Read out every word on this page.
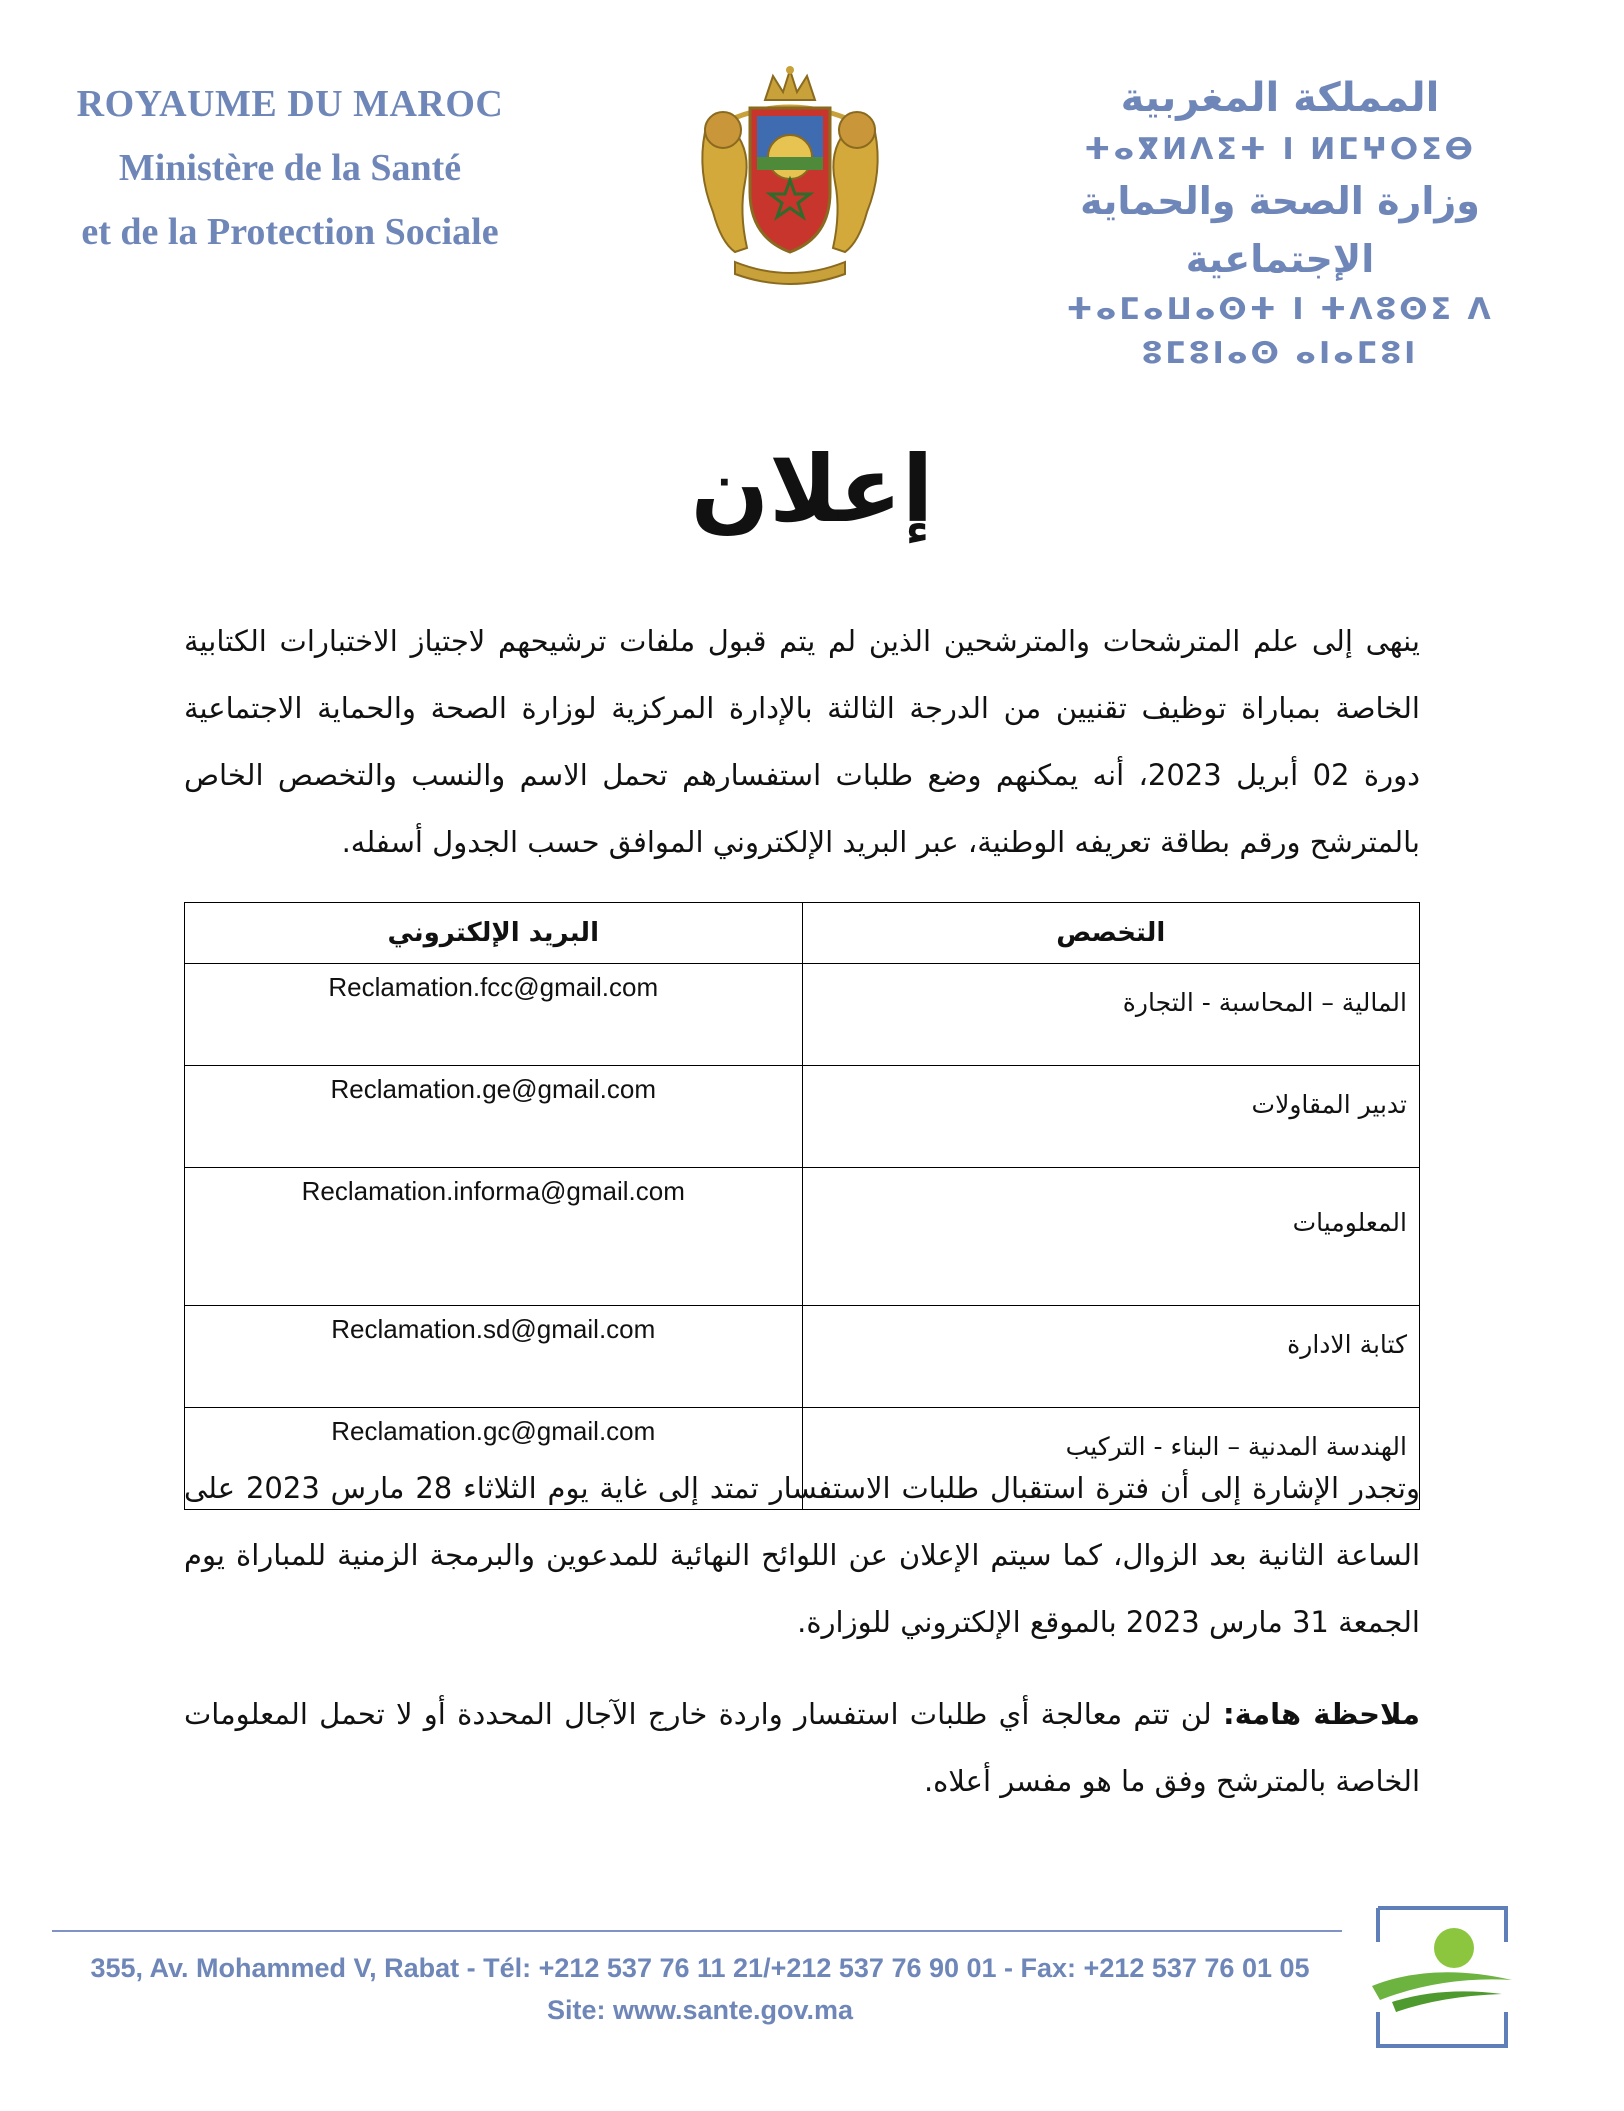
ROYAUME DU MAROC
Ministère de la Santé
et de la Protection Sociale
المملكة المغربية
ⵜⴰⴳⵍⴷⵉⵜ ⵏ ⵍⵎⵖⵔⵉⴱ
وزارة الصحة والحماية الإجتماعية
ⵜⴰⵎⴰⵡⴰⵙⵜ ⵏ ⵜⴷⵓⵙⵉ ⴷ ⵓⵎⵓⵏⴰⵙ ⴰⵏⴰⵎⵓⵏ
إعلان
ينهى إلى علم المترشحات والمترشحين الذين لم يتم قبول ملفات ترشيحهم لاجتياز الاختبارات الكتابية الخاصة بمباراة توظيف تقنيين من الدرجة الثالثة بالإدارة المركزية لوزارة الصحة والحماية الاجتماعية دورة 02 أبريل 2023، أنه يمكنهم وضع طلبات استفسارهم تحمل الاسم والنسب والتخصص الخاص بالمترشح ورقم بطاقة تعريفه الوطنية، عبر البريد الإلكتروني الموافق حسب الجدول أسفله.
التخصص	البريد الإلكتروني
المالية – المحاسبة - التجارة	Reclamation.fcc@gmail.com
تدبير المقاولات	Reclamation.ge@gmail.com
المعلوميات	Reclamation.informa@gmail.com
كتابة الادارة	Reclamation.sd@gmail.com
الهندسة المدنية – البناء - التركيب	Reclamation.gc@gmail.com
وتجدر الإشارة إلى أن فترة استقبال طلبات الاستفسار تمتد إلى غاية يوم الثلاثاء 28 مارس 2023 على الساعة الثانية بعد الزوال، كما سيتم الإعلان عن اللوائح النهائية للمدعوين والبرمجة الزمنية للمباراة يوم الجمعة 31 مارس 2023 بالموقع الإلكتروني للوزارة.
ملاحظة هامة: لن تتم معالجة أي طلبات استفسار واردة خارج الآجال المحددة أو لا تحمل المعلومات الخاصة بالمترشح وفق ما هو مفسر أعلاه.
355, Av. Mohammed V, Rabat - Tél: +212 537 76 11 21/+212 537 76 90 01 - Fax: +212 537 76 01 05
Site: www.sante.gov.ma
